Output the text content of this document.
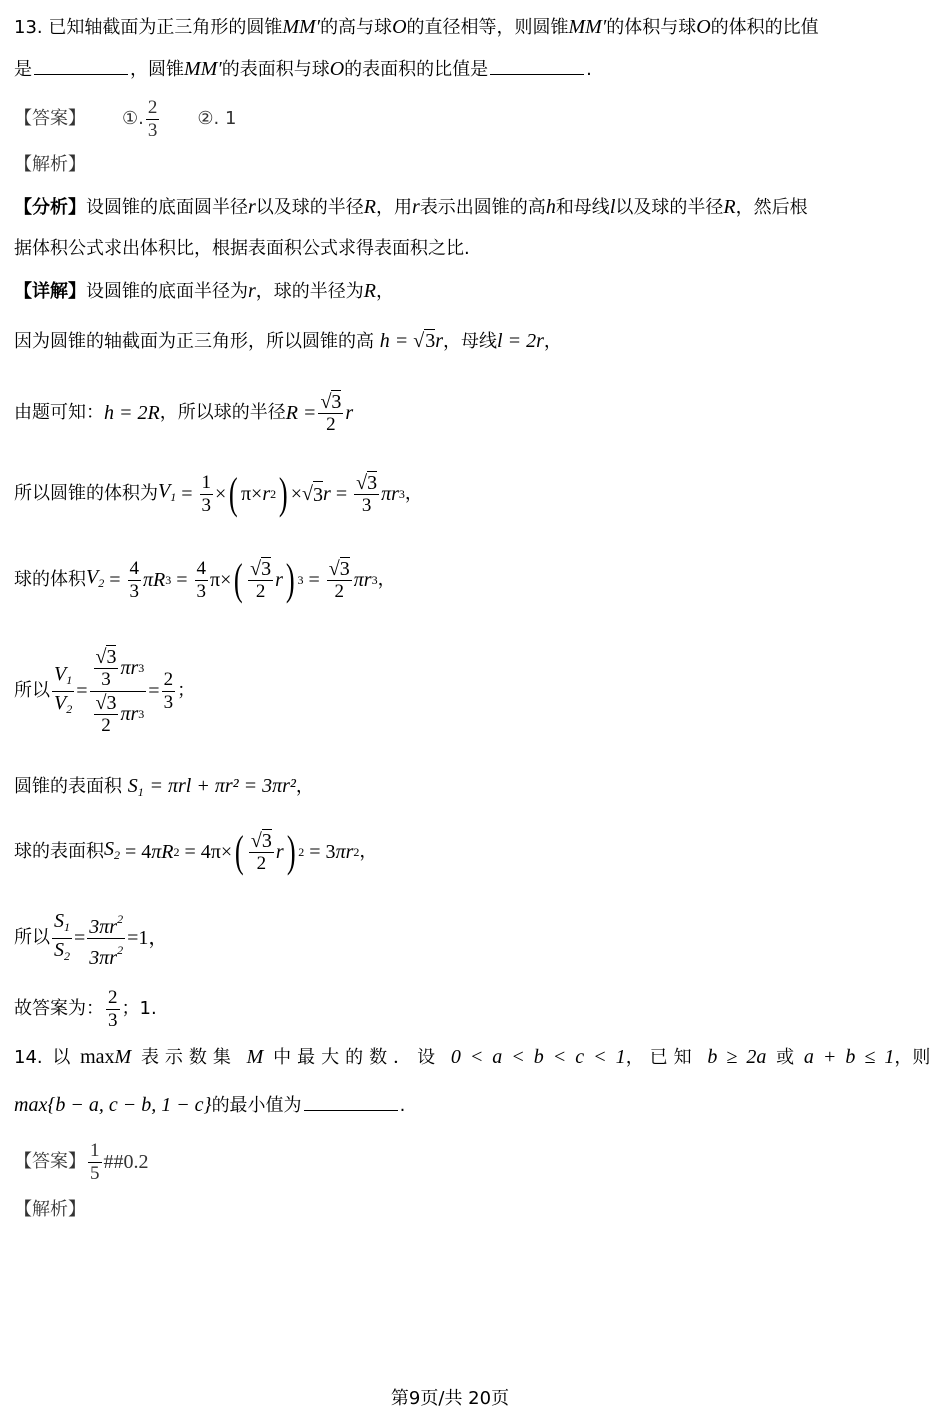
13. 已知轴截面为正三角形的圆锥MM′的高与球O的直径相等，则圆锥MM′的体积与球O的体积的比值
是	，圆锥MM′的表面积与球O的表面积的比值是	.
【答案】 ①. $\frac{2}{3}$ ②. 1
【解析】
【分析】设圆锥的底面圆半径r以及球的半径R，用r表示出圆锥的高h和母线l以及球的半径R，然后根
据体积公式求出体积比，根据表面积公式求得表面积之比.
【详解】设圆锥的底面半径为r，球的半径为R，
因为圆锥的轴截面为正三角形，所以圆锥的高 h = √3r，母线l = 2r，
由题可知： h = 2R ，所以球的半径 $R = \frac{√3}{2}$ r
所以圆锥的体积为 $V_1 = \frac{1}{3}$ × ( π× r 2 ) ×√ 3 $r = \frac{√3}{3}$ πr 3 ，
球的体积 $V_2 = \frac{4}{3}$ πR $3 = \frac{4}{3} \pi\times$ ( $\frac{√3}{2}$ r ) $3 = \frac{√3}{2}$ πr 3 ，
所以 $\frac{V_1}{V_2} = \frac{\frac{√3}{3} \pi r 3}{\frac{√3}{2} \pi r 3} = \frac{2}{3}$ ；
圆锥的表面积 $S_1 = \pi rl + \pi r^2 = 3\pi r^2$，
球的表面积 $S_2 = 4$ πR 2 = 4π× ( $\frac{√3}{2}$ r ) 2 = 3 πr 2 ，
所以 $\frac{S_1}{S_2} = \frac{3\pi r^2}{3\pi r^2} =1$，
故答案为： $\frac{2}{3}$ ；1.
14. 以 maxM 表示数集 M 中最大的数．设 0 < a < b < c < 1，已知 b ≥ 2a 或 a + b ≤ 1，则
max{b − a, c − b, 1 − c}的最小值为	.
【答案】 $\frac{1}{5}$ ##0.2
【解析】
第9页/共 20页
